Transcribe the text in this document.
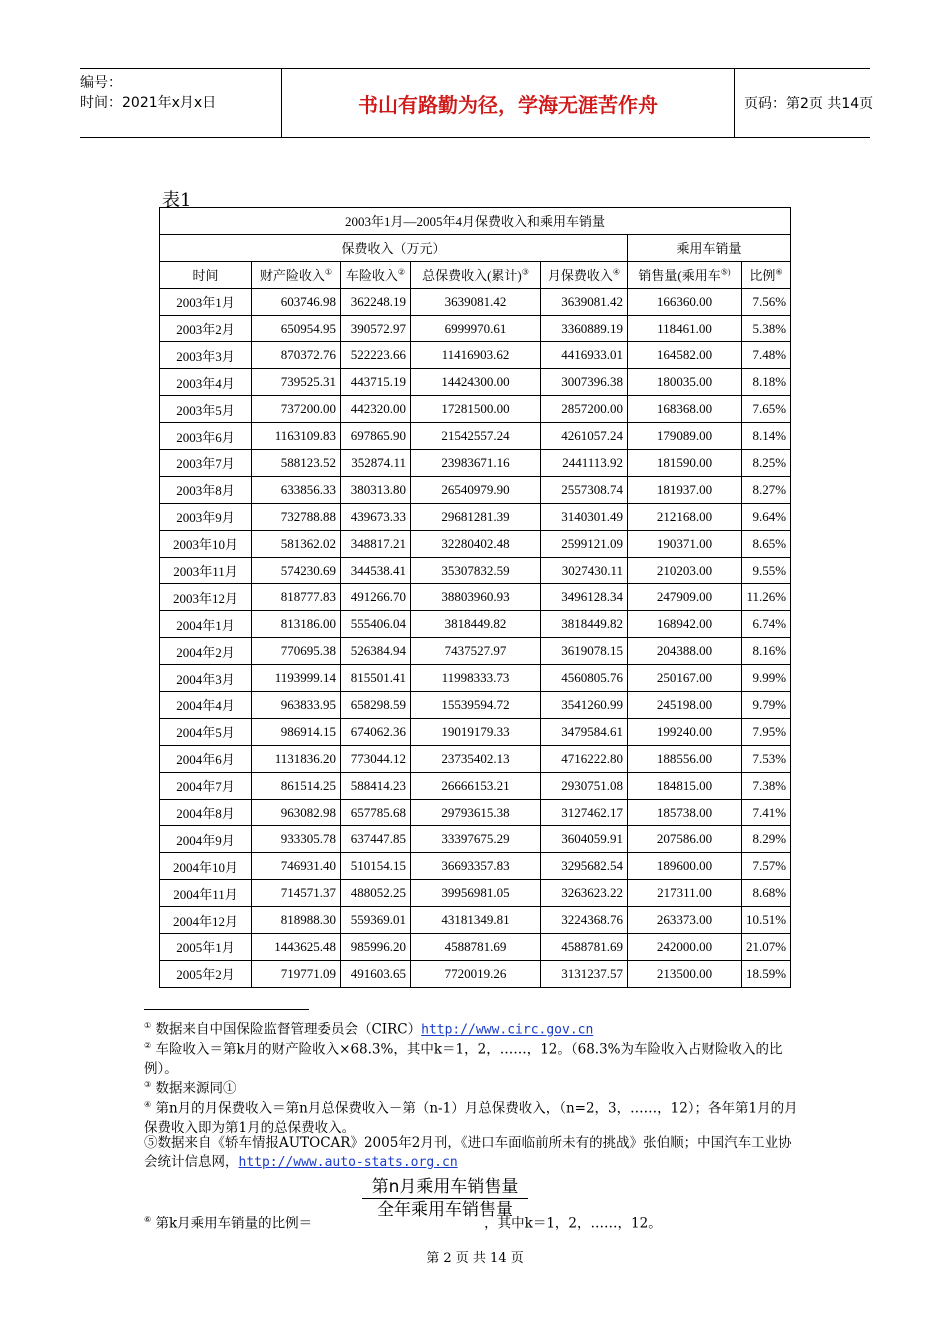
编号：
时间：2021年x月x日	书山有路勤为径，学海无涯苦作舟	页码：第2页 共14页
表1
2003年1月—2005年4月保费收入和乘用车销量						
保费收入（万元）					乘用车销量	
时间	财产险收入①	车险收入②	总保费收入(累计)③	月保费收入④	销售量(乘用车⑤)	比例⑥
2003年1月	603746.98	362248.19	3639081.42	3639081.42	166360.00	7.56%
2003年2月	650954.95	390572.97	6999970.61	3360889.19	118461.00	5.38%
2003年3月	870372.76	522223.66	11416903.62	4416933.01	164582.00	7.48%
2003年4月	739525.31	443715.19	14424300.00	3007396.38	180035.00	8.18%
2003年5月	737200.00	442320.00	17281500.00	2857200.00	168368.00	7.65%
2003年6月	1163109.83	697865.90	21542557.24	4261057.24	179089.00	8.14%
2003年7月	588123.52	352874.11	23983671.16	2441113.92	181590.00	8.25%
2003年8月	633856.33	380313.80	26540979.90	2557308.74	181937.00	8.27%
2003年9月	732788.88	439673.33	29681281.39	3140301.49	212168.00	9.64%
2003年10月	581362.02	348817.21	32280402.48	2599121.09	190371.00	8.65%
2003年11月	574230.69	344538.41	35307832.59	3027430.11	210203.00	9.55%
2003年12月	818777.83	491266.70	38803960.93	3496128.34	247909.00	11.26%
2004年1月	813186.00	555406.04	3818449.82	3818449.82	168942.00	6.74%
2004年2月	770695.38	526384.94	7437527.97	3619078.15	204388.00	8.16%
2004年3月	1193999.14	815501.41	11998333.73	4560805.76	250167.00	9.99%
2004年4月	963833.95	658298.59	15539594.72	3541260.99	245198.00	9.79%
2004年5月	986914.15	674062.36	19019179.33	3479584.61	199240.00	7.95%
2004年6月	1131836.20	773044.12	23735402.13	4716222.80	188556.00	7.53%
2004年7月	861514.25	588414.23	26666153.21	2930751.08	184815.00	7.38%
2004年8月	963082.98	657785.68	29793615.38	3127462.17	185738.00	7.41%
2004年9月	933305.78	637447.85	33397675.29	3604059.91	207586.00	8.29%
2004年10月	746931.40	510154.15	36693357.83	3295682.54	189600.00	7.57%
2004年11月	714571.37	488052.25	39956981.05	3263623.22	217311.00	8.68%
2004年12月	818988.30	559369.01	43181349.81	3224368.76	263373.00	10.51%
2005年1月	1443625.48	985996.20	4588781.69	4588781.69	242000.00	21.07%
2005年2月	719771.09	491603.65	7720019.26	3131237.57	213500.00	18.59%
① 数据来自中国保险监督管理委员会（CIRC）http://www.circ.gov.cn
② 车险收入＝第k月的财产险收入×68.3%，其中k＝1，2，……，12。（68.3%为车险收入占财险收入的比例）。
③ 数据来源同①
④ 第n月的月保费收入＝第n月总保费收入－第（n-1）月总保费收入，（n=2，3，……，12）；各年第1月的月保费收入即为第1月的总保费收入。
⑤数据来自《轿车情报AUTOCAR》2005年2月刊，《进口车面临前所未有的挑战》张伯顺；中国汽车工业协会统计信息网，http://www.auto-stats.org.cn
第n月乘用车销售量
全年乘用车销售量
⑥ 第k月乘用车销量的比例＝	，其中k＝1，2，……，12。
第 2 页 共 14 页
